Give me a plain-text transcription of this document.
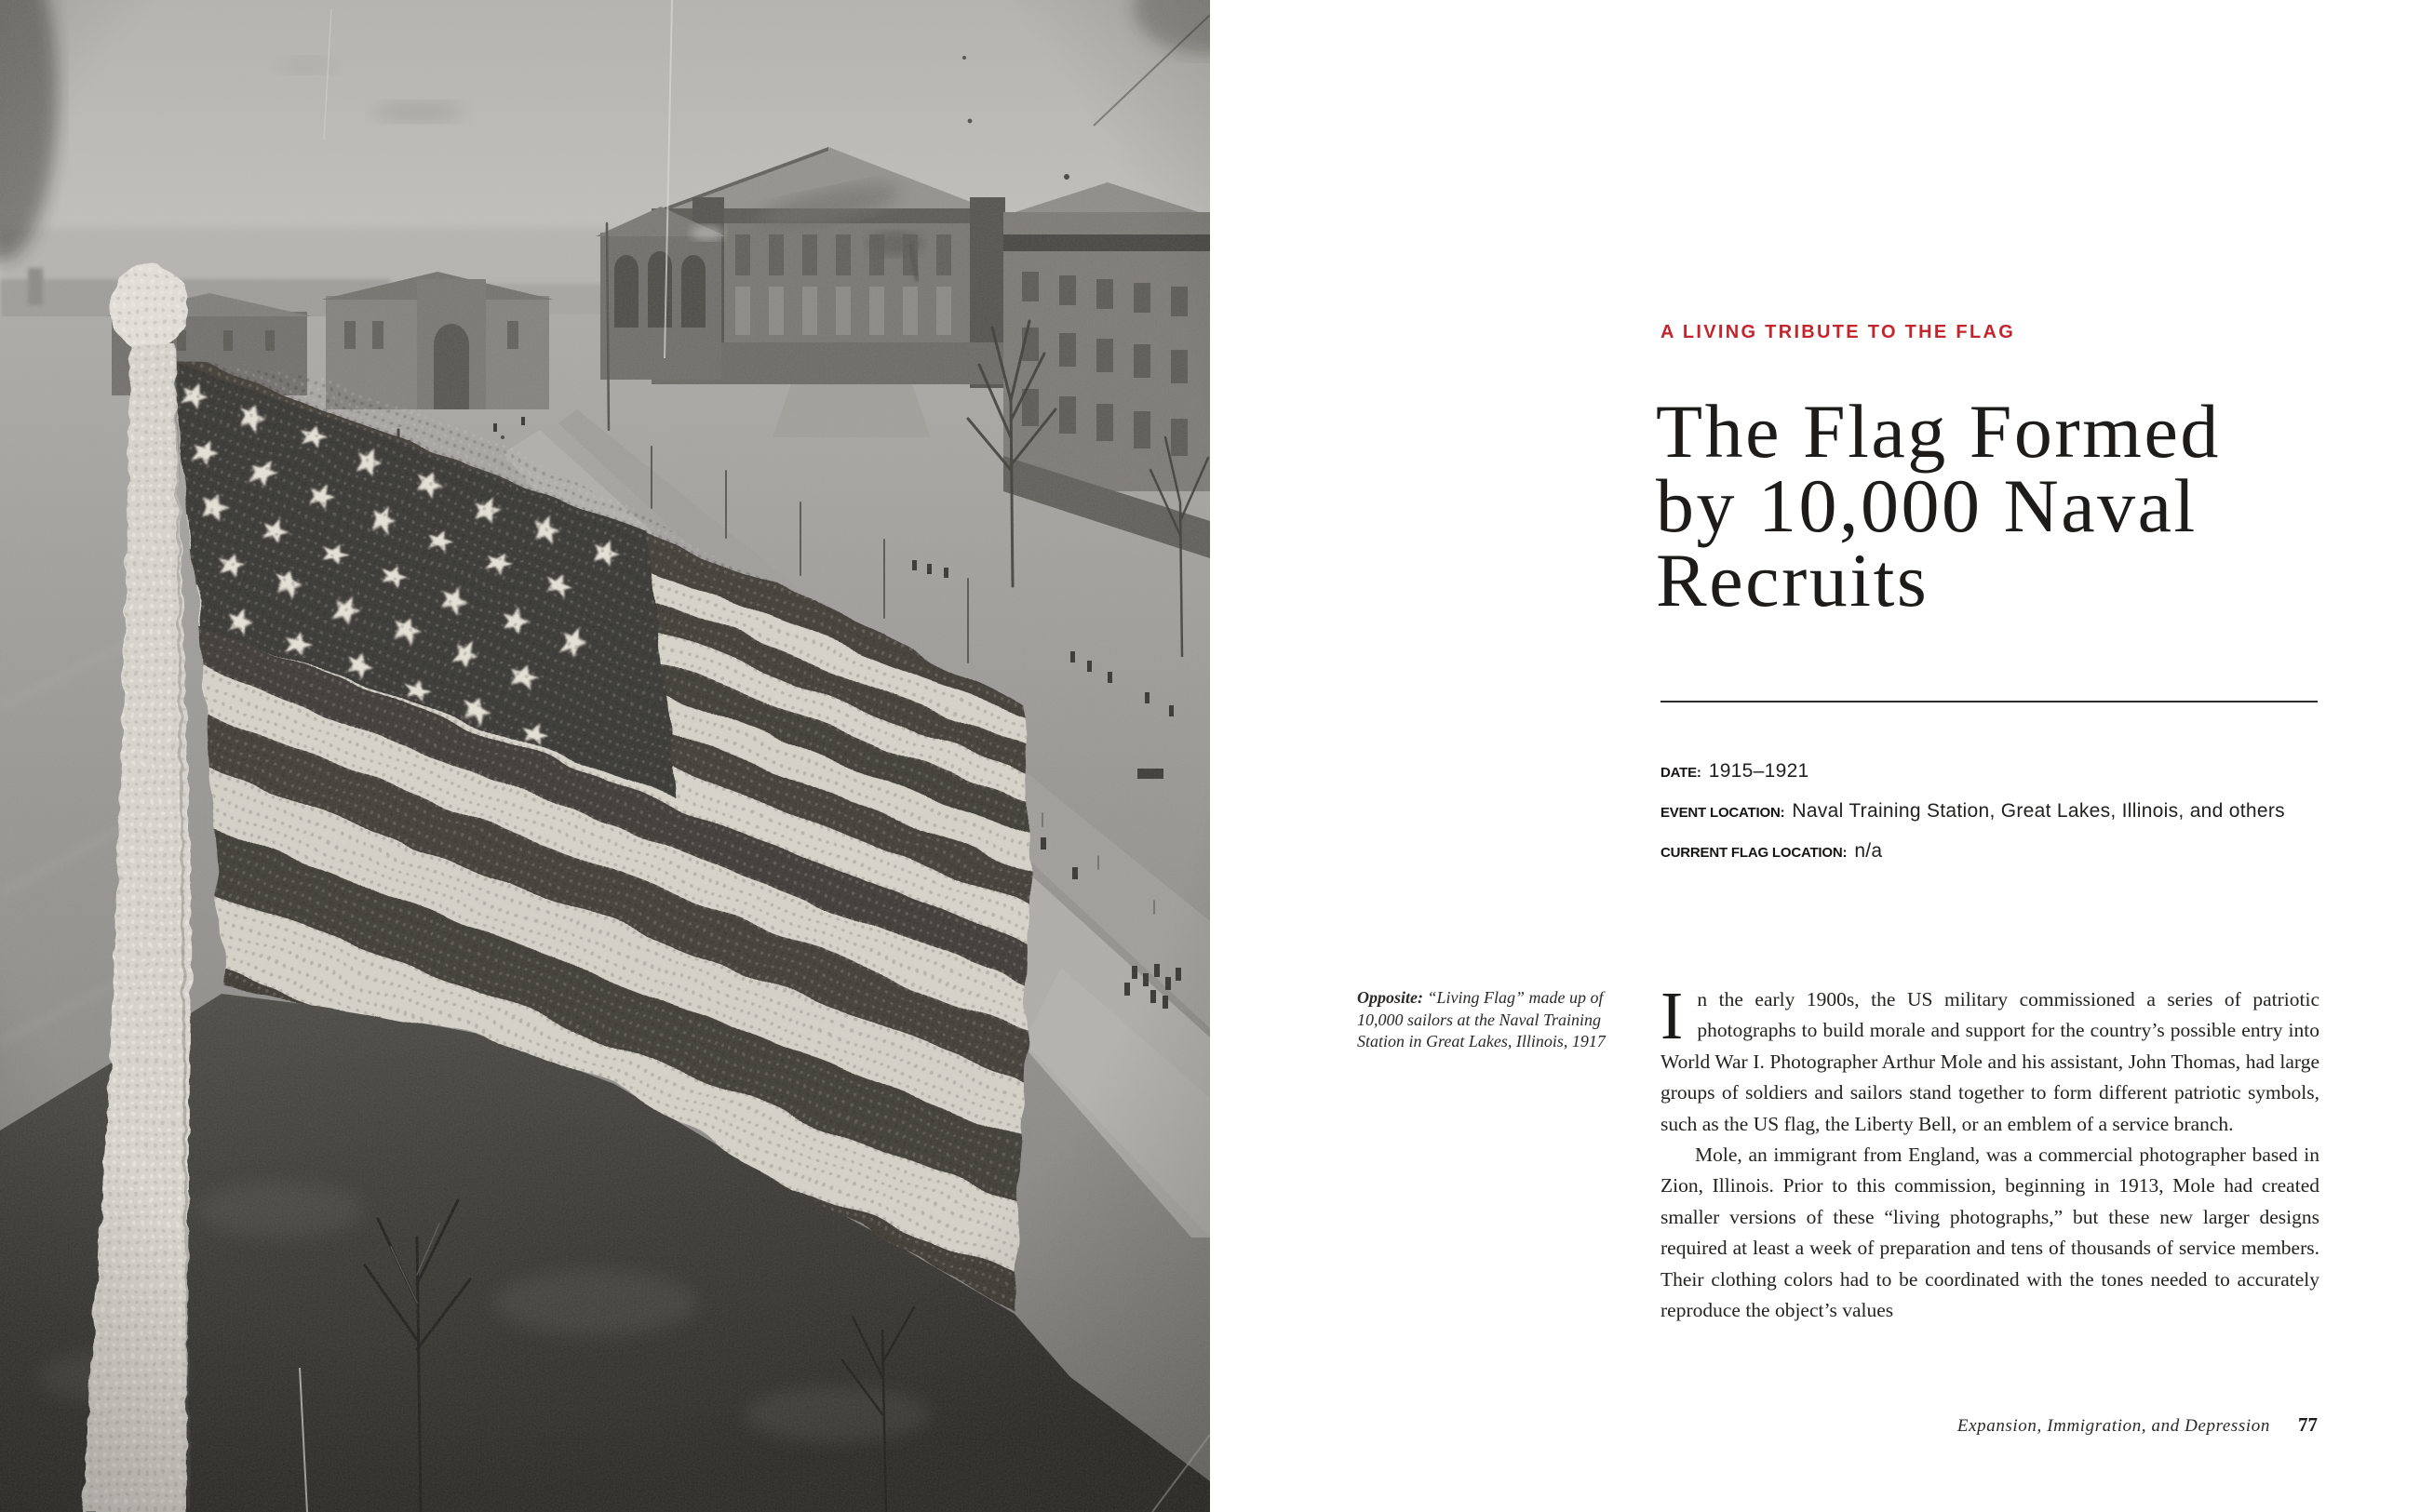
A LIVING TRIBUTE TO THE FLAG
The Flag Formed
by 10,000 Naval
Recruits
DATE: 1915–1921
EVENT LOCATION: Naval Training Station, Great Lakes, Illinois, and others
CURRENT FLAG LOCATION: n/a
Opposite: “Living Flag” made up of 10,000 sailors at the Naval Training Station in Great Lakes, Illinois, 1917 In the early 1900s, the US military commissioned a series of patriotic photographs to build morale and support for the country’s possible entry into World War I. Photographer Arthur Mole and his assistant, John Thomas, had large groups of soldiers and sailors stand together to form different patriotic symbols, such as the US flag, the Liberty Bell, or an emblem of a service branch.

Mole, an immigrant from England, was a commercial photographer based in Zion, Illinois. Prior to this commission, beginning in 1913, Mole had created smaller versions of these “living photographs,” but these new larger designs required at least a week of preparation and tens of thousands of service members. Their clothing colors had to be coordinated with the tones needed to accurately reproduce the object’s values

Expansion, Immigration, and Depression 77
